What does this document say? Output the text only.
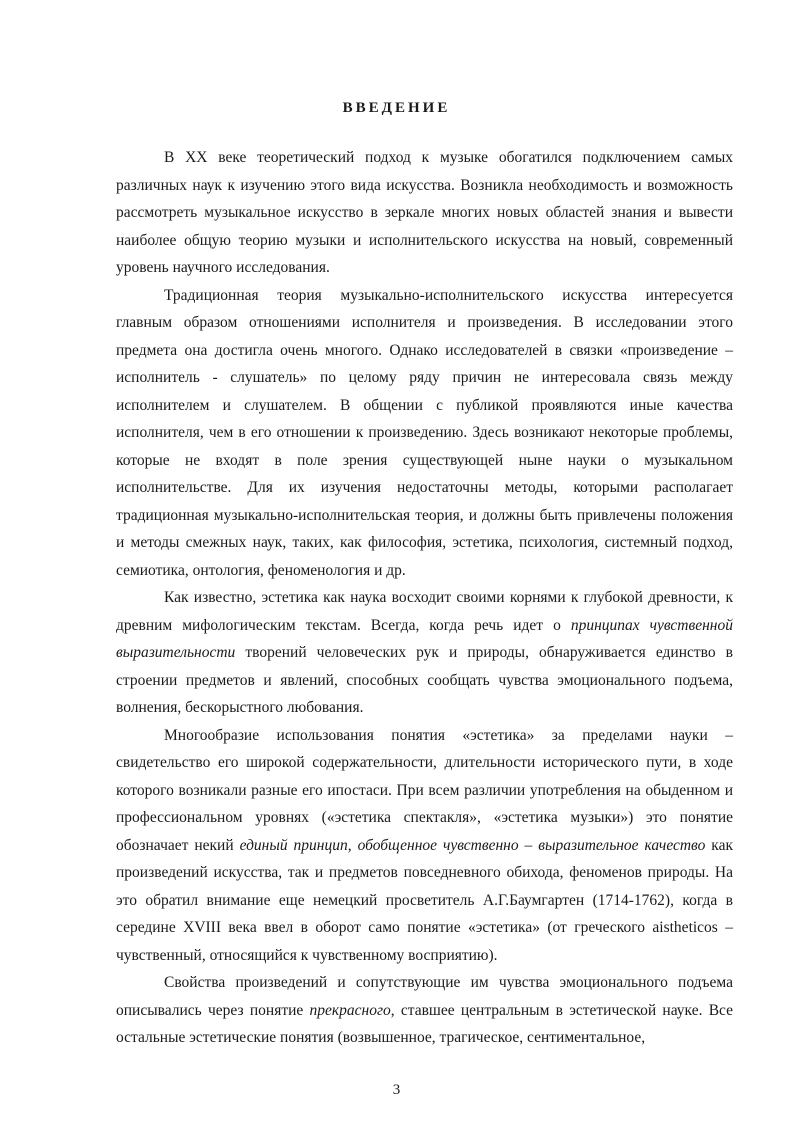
ВВЕДЕНИЕ

В XX веке теоретический подход к музыке обогатился подключением самых различных наук к изучению этого вида искусства. Возникла необходимость и возможность рассмотреть музыкальное искусство в зеркале многих новых областей знания и вывести наиболее общую теорию музыки и исполнительского искусства на новый, современный уровень научного исследования.

Традиционная теория музыкально-исполнительского искусства интересуется главным образом отношениями исполнителя и произведения. В исследовании этого предмета она достигла очень многого. Однако исследователей в связки «произведение – исполнитель - слушатель» по целому ряду причин не интересовала связь между исполнителем и слушателем. В общении с публикой проявляются иные качества исполнителя, чем в его отношении к произведению. Здесь возникают некоторые проблемы, которые не входят в поле зрения существующей ныне науки о музыкальном исполнительстве. Для их изучения недостаточны методы, которыми располагает традиционная музыкально-исполнительская теория, и должны быть привлечены положения и методы смежных наук, таких, как философия, эстетика, психология, системный подход, семиотика, онтология, феноменология и др.

Как известно, эстетика как наука восходит своими корнями к глубокой древности, к древним мифологическим текстам. Всегда, когда речь идет о принципах чувственной выразительности творений человеческих рук и природы, обнаруживается единство в строении предметов и явлений, способных сообщать чувства эмоционального подъема, волнения, бескорыстного любования.

Многообразие использования понятия «эстетика» за пределами науки – свидетельство его широкой содержательности, длительности исторического пути, в ходе которого возникали разные его ипостаси. При всем различии употребления на обыденном и профессиональном уровнях («эстетика спектакля», «эстетика музыки») это понятие обозначает некий единый принцип, обобщенное чувственно – выразительное качество как произведений искусства, так и предметов повседневного обихода, феноменов природы. На это обратил внимание еще немецкий просветитель А.Г.Баумгартен (1714-1762), когда в середине XVIII века ввел в оборот само понятие «эстетика» (от греческого aistheticos – чувственный, относящийся к чувственному восприятию).

Свойства произведений и сопутствующие им чувства эмоционального подъема описывались через понятие прекрасного, ставшее центральным в эстетической науке. Все остальные эстетические понятия (возвышенное, трагическое, сентиментальное,

3
